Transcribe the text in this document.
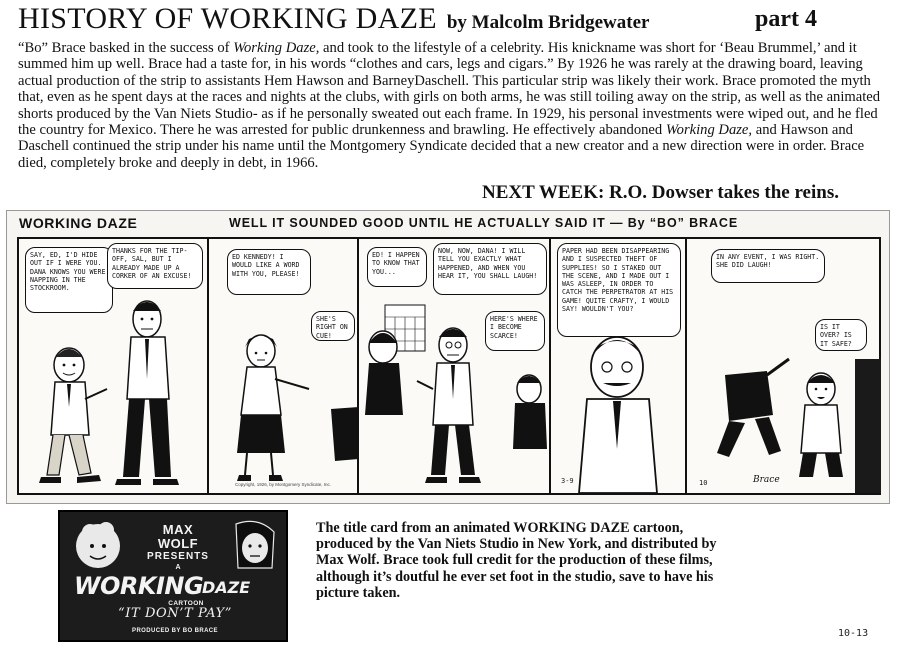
HISTORY OF WORKING DAZE by Malcolm Bridgewater	part 4

“Bo” Brace basked in the success of Working Daze, and took to the lifestyle of a celebrity. His knickname was short for ‘Beau Brummel,’ and it summed him up well. Brace had a taste for, in his words “clothes and cars, legs and cigars.” By 1926 he was rarely at the drawing board, leaving actual production of the strip to assistants Hem Hawson and BarneyDaschell. This particular strip was likely their work. Brace promoted the myth that, even as he spent days at the races and nights at the clubs, with girls on both arms, he was still toiling away on the strip, as well as the animated shorts produced by the Van Niets Studio- as if he personally sweated out each frame. In 1929, his personal investments were wiped out, and he fled the country for Mexico. There he was arrested for public drunkenness and brawling. He effectively abandoned Working Daze, and Hawson and Daschell continued the strip under his name until the Montgomery Syndicate decided that a new creator and a new direction were in order. Brace died, completely broke and deeply in debt, in 1966.

NEXT WEEK: R.O. Dowser takes the reins.
WORKING DAZE	WELL IT SOUNDED GOOD UNTIL HE ACTUALLY SAID IT — By “BO” BRACE
SAY, ED, I'D HIDE OUT IF I WERE YOU. DANA KNOWS YOU WERE NAPPING IN THE STOCKROOM.
THANKS FOR THE TIP-OFF, SAL, BUT I ALREADY MADE UP A CORKER OF AN EXCUSE!
ED KENNEDY! I WOULD LIKE A WORD WITH YOU, PLEASE!
SHE'S RIGHT ON CUE!
Copyright, 1926, by Montgomery Syndicate, Inc.
ED! I HAPPEN TO KNOW THAT YOU...
NOW, NOW, DANA! I WILL TELL YOU EXACTLY WHAT HAPPENED, AND WHEN YOU HEAR IT, YOU SHALL LAUGH!
HERE'S WHERE I BECOME SCARCE!
PAPER HAD BEEN DISAPPEARING AND I SUSPECTED THEFT OF SUPPLIES! SO I STAKED OUT THE SCENE, AND I MADE OUT I WAS ASLEEP, IN ORDER TO CATCH THE PERPETRATOR AT HIS GAME! QUITE CRAFTY, I WOULD SAY! WOULDN'T YOU?
3-9
IN ANY EVENT, I WAS RIGHT. SHE DID LAUGH!
IS IT OVER? IS IT SAFE?
10	Brace
MAX
WOLF
PRESENTS
A
WORKING
DAZE
CARTOON
“IT DON’T PAY”
PRODUCED BY BO BRACE
The title card from an animated WORKING DAZE cartoon, produced by the Van Niets Studio in New York, and distributed by Max Wolf. Brace took full credit for the production of these films, although it’s doutful he ever set foot in the studio, save to have his picture taken.
10-13
